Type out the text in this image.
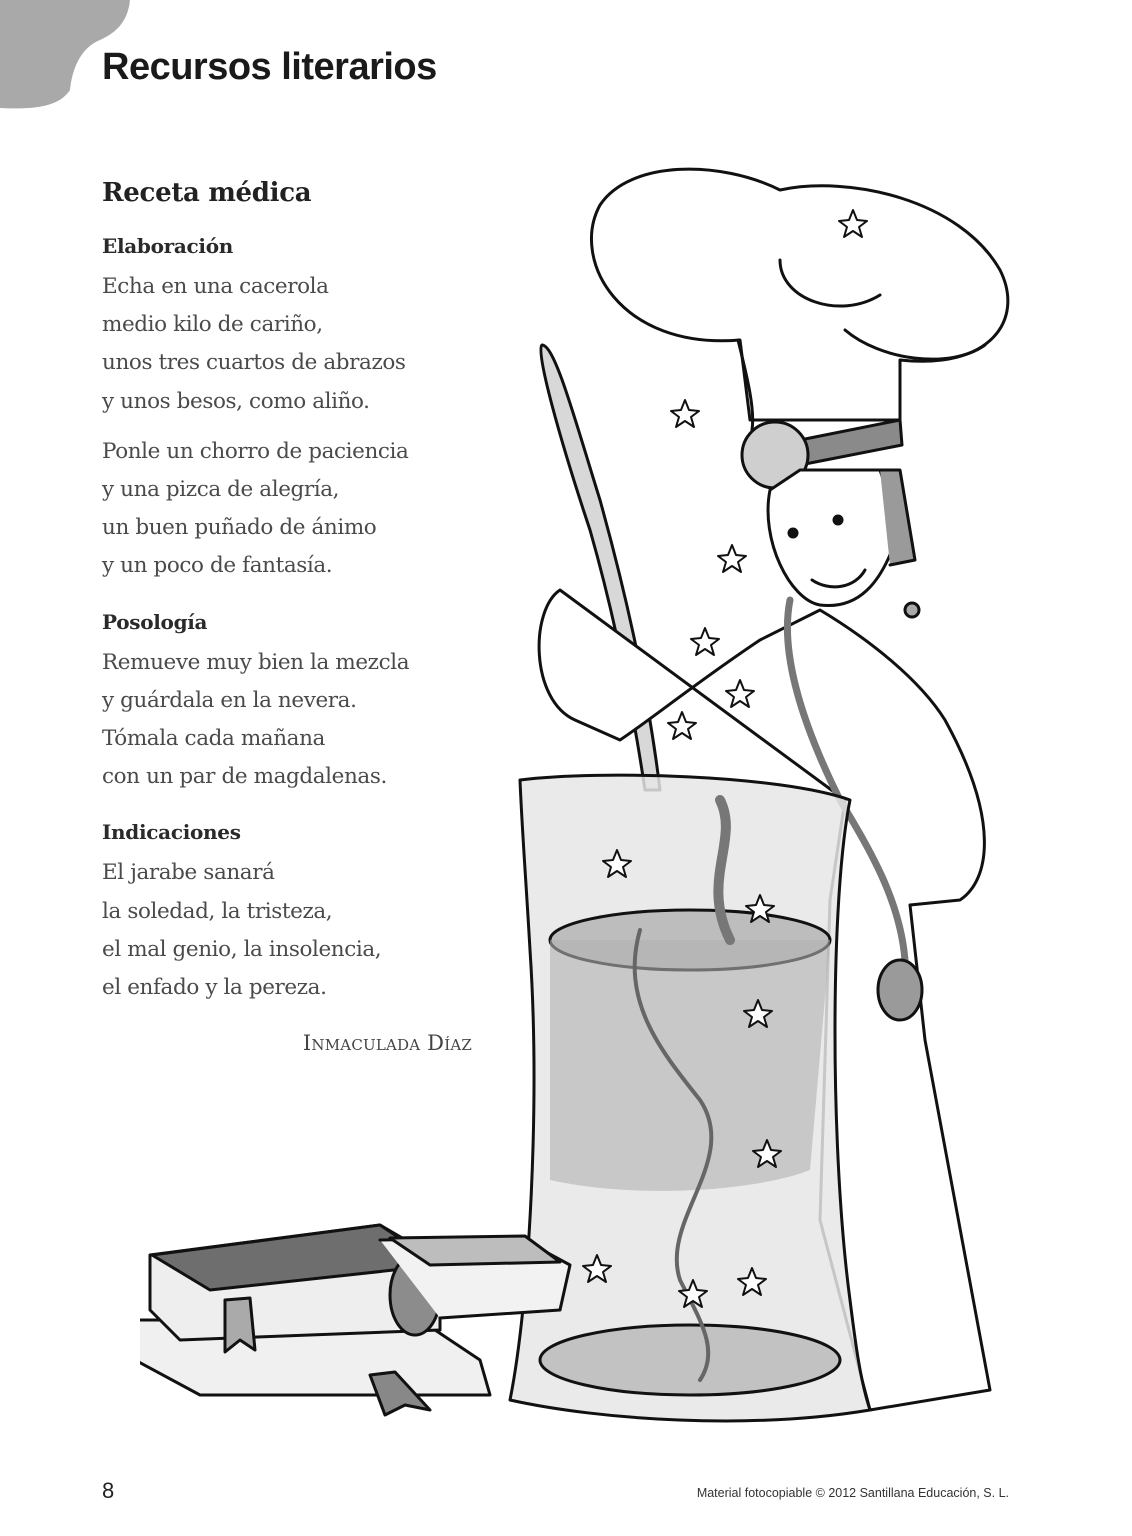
Recursos literarios
Receta médica
Elaboración
Echa en una cacerola
medio kilo de cariño,
unos tres cuartos de abrazos
y unos besos, como aliño.
Ponle un chorro de paciencia
y una pizca de alegría,
un buen puñado de ánimo
y un poco de fantasía.
Posología
Remueve muy bien la mezcla
y guárdala en la nevera.
Tómala cada mañana
con un par de magdalenas.
Indicaciones
El jarabe sanará
la soledad, la tristeza,
el mal genio, la insolencia,
el enfado y la pereza.
Inmaculada Díaz
8	Material fotocopiable © 2012 Santillana Educación, S. L.
